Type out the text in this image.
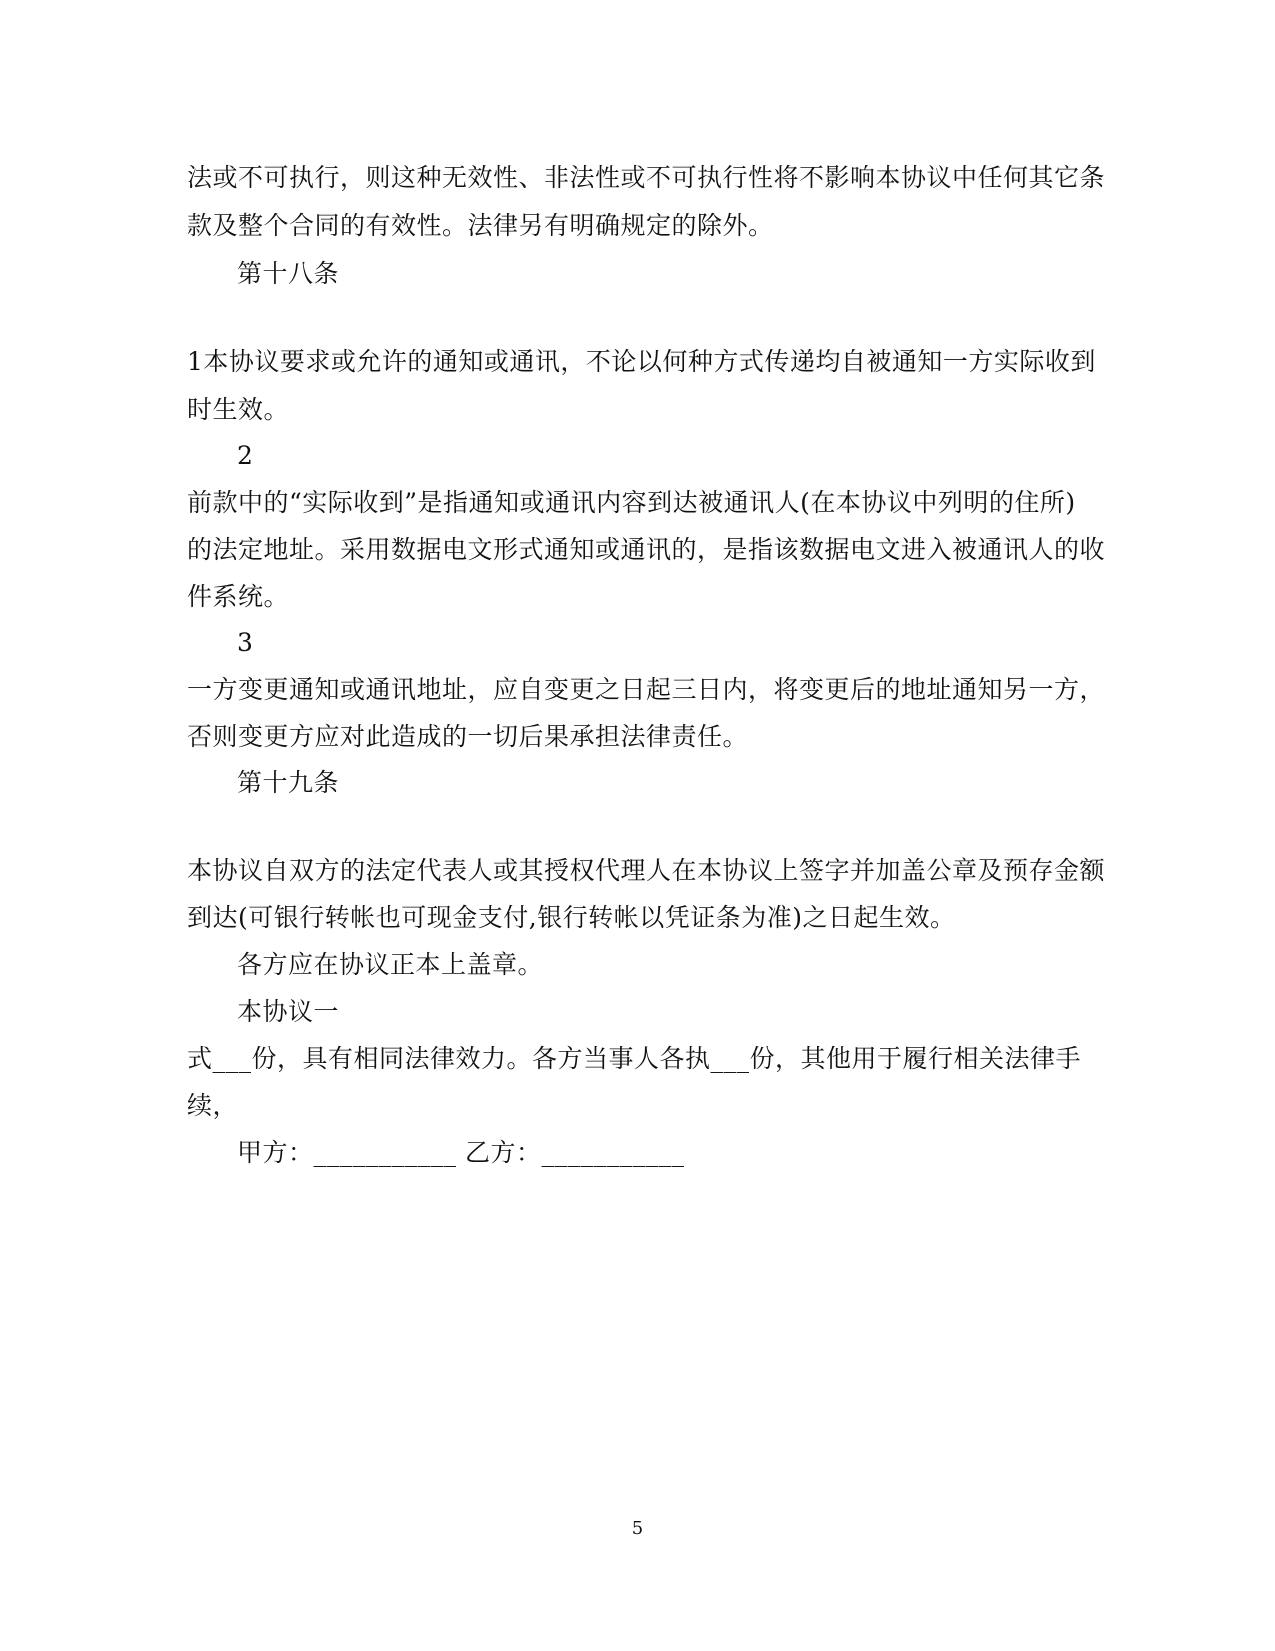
法或不可执行，则这种无效性、非法性或不可执行性将不影响本协议中任何其它条
款及整个合同的有效性。法律另有明确规定的除外。
第十八条
1本协议要求或允许的通知或通讯，不论以何种方式传递均自被通知一方实际收到
时生效。
2
前款中的“实际收到”是指通知或通讯内容到达被通讯人(在本协议中列明的住所)
的法定地址。采用数据电文形式通知或通讯的，是指该数据电文进入被通讯人的收
件系统。
3
一方变更通知或通讯地址，应自变更之日起三日内，将变更后的地址通知另一方，
否则变更方应对此造成的一切后果承担法律责任。
第十九条
本协议自双方的法定代表人或其授权代理人在本协议上签字并加盖公章及预存金额
到达(可银行转帐也可现金支付,银行转帐以凭证条为准)之日起生效。
各方应在协议正本上盖章。
本协议一
式___份，具有相同法律效力。各方当事人各执___份，其他用于履行相关法律手
续，
甲方：___________ 乙方：___________
5
